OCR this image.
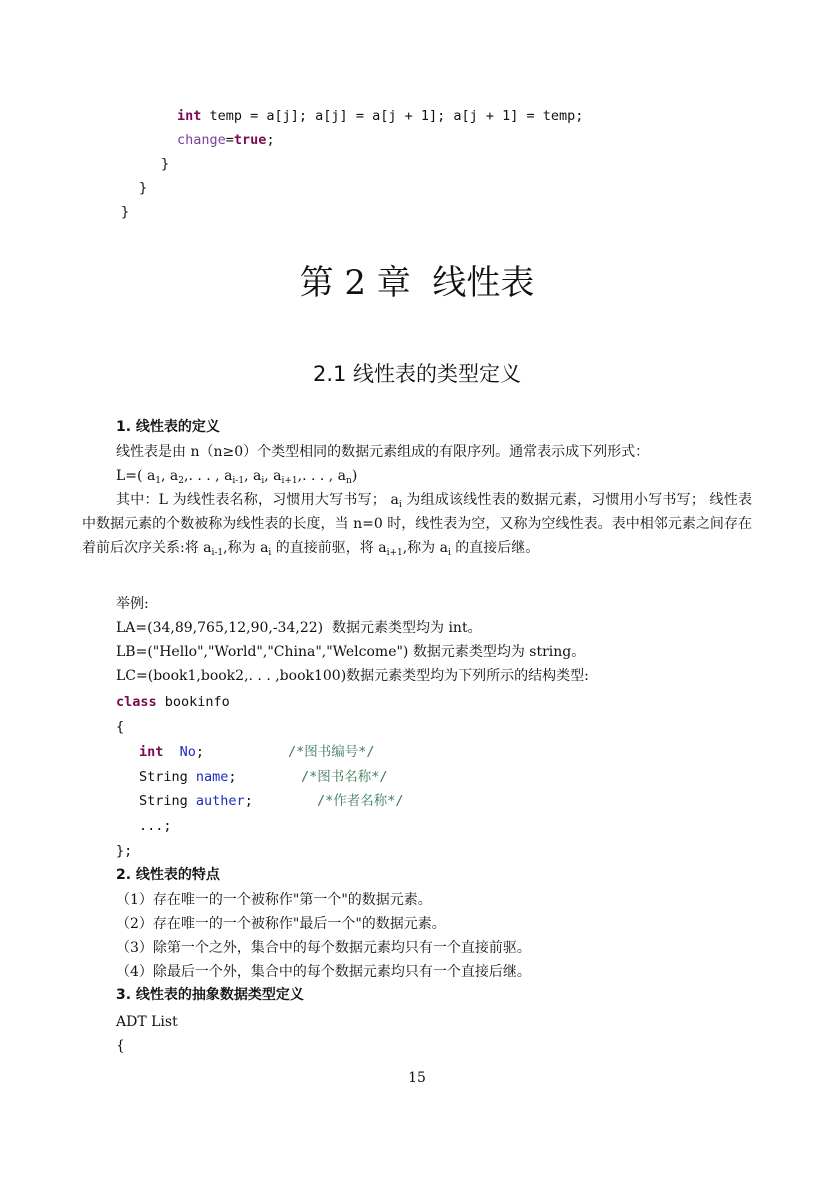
int temp = a[j]; a[j] = a[j + 1]; a[j + 1] = temp;
change=true;
}
}
}
第 2 章  线性表
2.1 线性表的类型定义
1. 线性表的定义
线性表是由 n（n≥0）个类型相同的数据元素组成的有限序列。通常表示成下列形式：
L=( $a_1$, $a_2$,. . . , $a_{i-1}$, $a_i$, $a_{i+1}$,. . . , $a_n$)
其中：L 为线性表名称，习惯用大写书写； $a_i$ 为组成该线性表的数据元素，习惯用小写书写； 线性表中数据元素的个数被称为线性表的长度，当 n=0 时，线性表为空，又称为空线性表。表中相邻元素之间存在着前后次序关系:将 $a_{i-1}$,称为 $a_i$ 的直接前驱，将 $a_{i+1}$,称为 $a_i$ 的直接后继。
举例:
LA=(34,89,765,12,90,-34,22)  数据元素类型均为 int。
LB=("Hello","World","China","Welcome") 数据元素类型均为 string。
LC=(book1,book2,. . . ,book100)数据元素类型均为下列所示的结构类型:
class bookinfo
{
int No;	/*图书编号*/
String name;	/*图书名称*/
String auther;	/*作者名称*/
...;
};
2. 线性表的特点
（1）存在唯一的一个被称作"第一个"的数据元素。
（2）存在唯一的一个被称作"最后一个"的数据元素。
（3）除第一个之外，集合中的每个数据元素均只有一个直接前驱。
（4）除最后一个外，集合中的每个数据元素均只有一个直接后继。
3. 线性表的抽象数据类型定义
ADT List
{
15
